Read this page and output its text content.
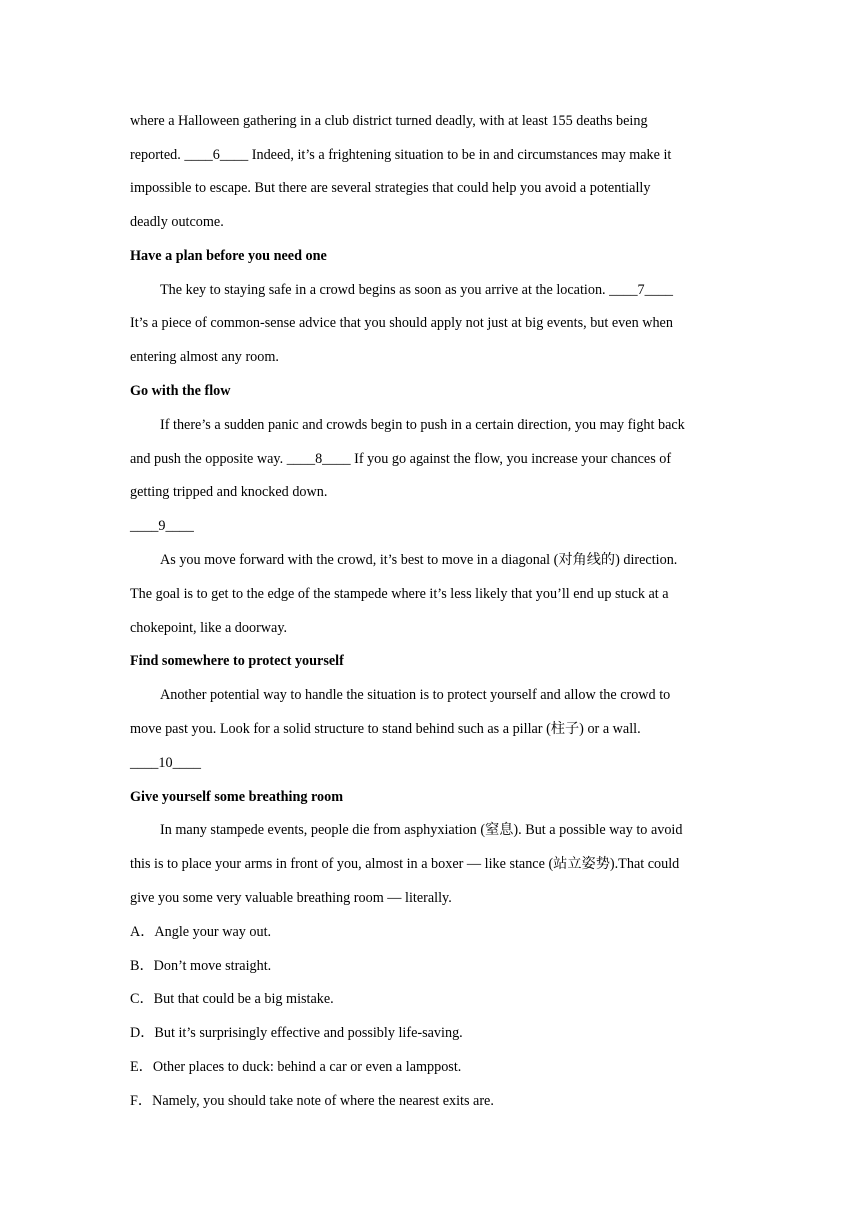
where a Halloween gathering in a club district turned deadly, with at least 155 deaths being
reported. ____6____ Indeed, it’s a frightening situation to be in and circumstances may make it
impossible to escape. But there are several strategies that could help you avoid a potentially
deadly outcome.
Have a plan before you need one
The key to staying safe in a crowd begins as soon as you arrive at the location. ____7____
It’s a piece of common-sense advice that you should apply not just at big events, but even when
entering almost any room.
Go with the flow
If there’s a sudden panic and crowds begin to push in a certain direction, you may fight back
and push the opposite way. ____8____ If you go against the flow, you increase your chances of
getting tripped and knocked down.
____9____
As you move forward with the crowd, it’s best to move in a diagonal (对角线的) direction.
The goal is to get to the edge of the stampede where it’s less likely that you’ll end up stuck at a
chokepoint, like a doorway.
Find somewhere to protect yourself
Another potential way to handle the situation is to protect yourself and allow the crowd to
move past you. Look for a solid structure to stand behind such as a pillar (柱子) or a wall.
____10____
Give yourself some breathing room
In many stampede events, people die from asphyxiation (窒息). But a possible way to avoid
this is to place your arms in front of you, almost in a boxer — like stance (站立姿势).That could
give you some very valuable breathing room — literally.
A．Angle your way out.
B．Don’t move straight.
C．But that could be a big mistake.
D．But it’s surprisingly effective and possibly life-saving.
E．Other places to duck: behind a car or even a lamppost.
F．Namely, you should take note of where the nearest exits are.
